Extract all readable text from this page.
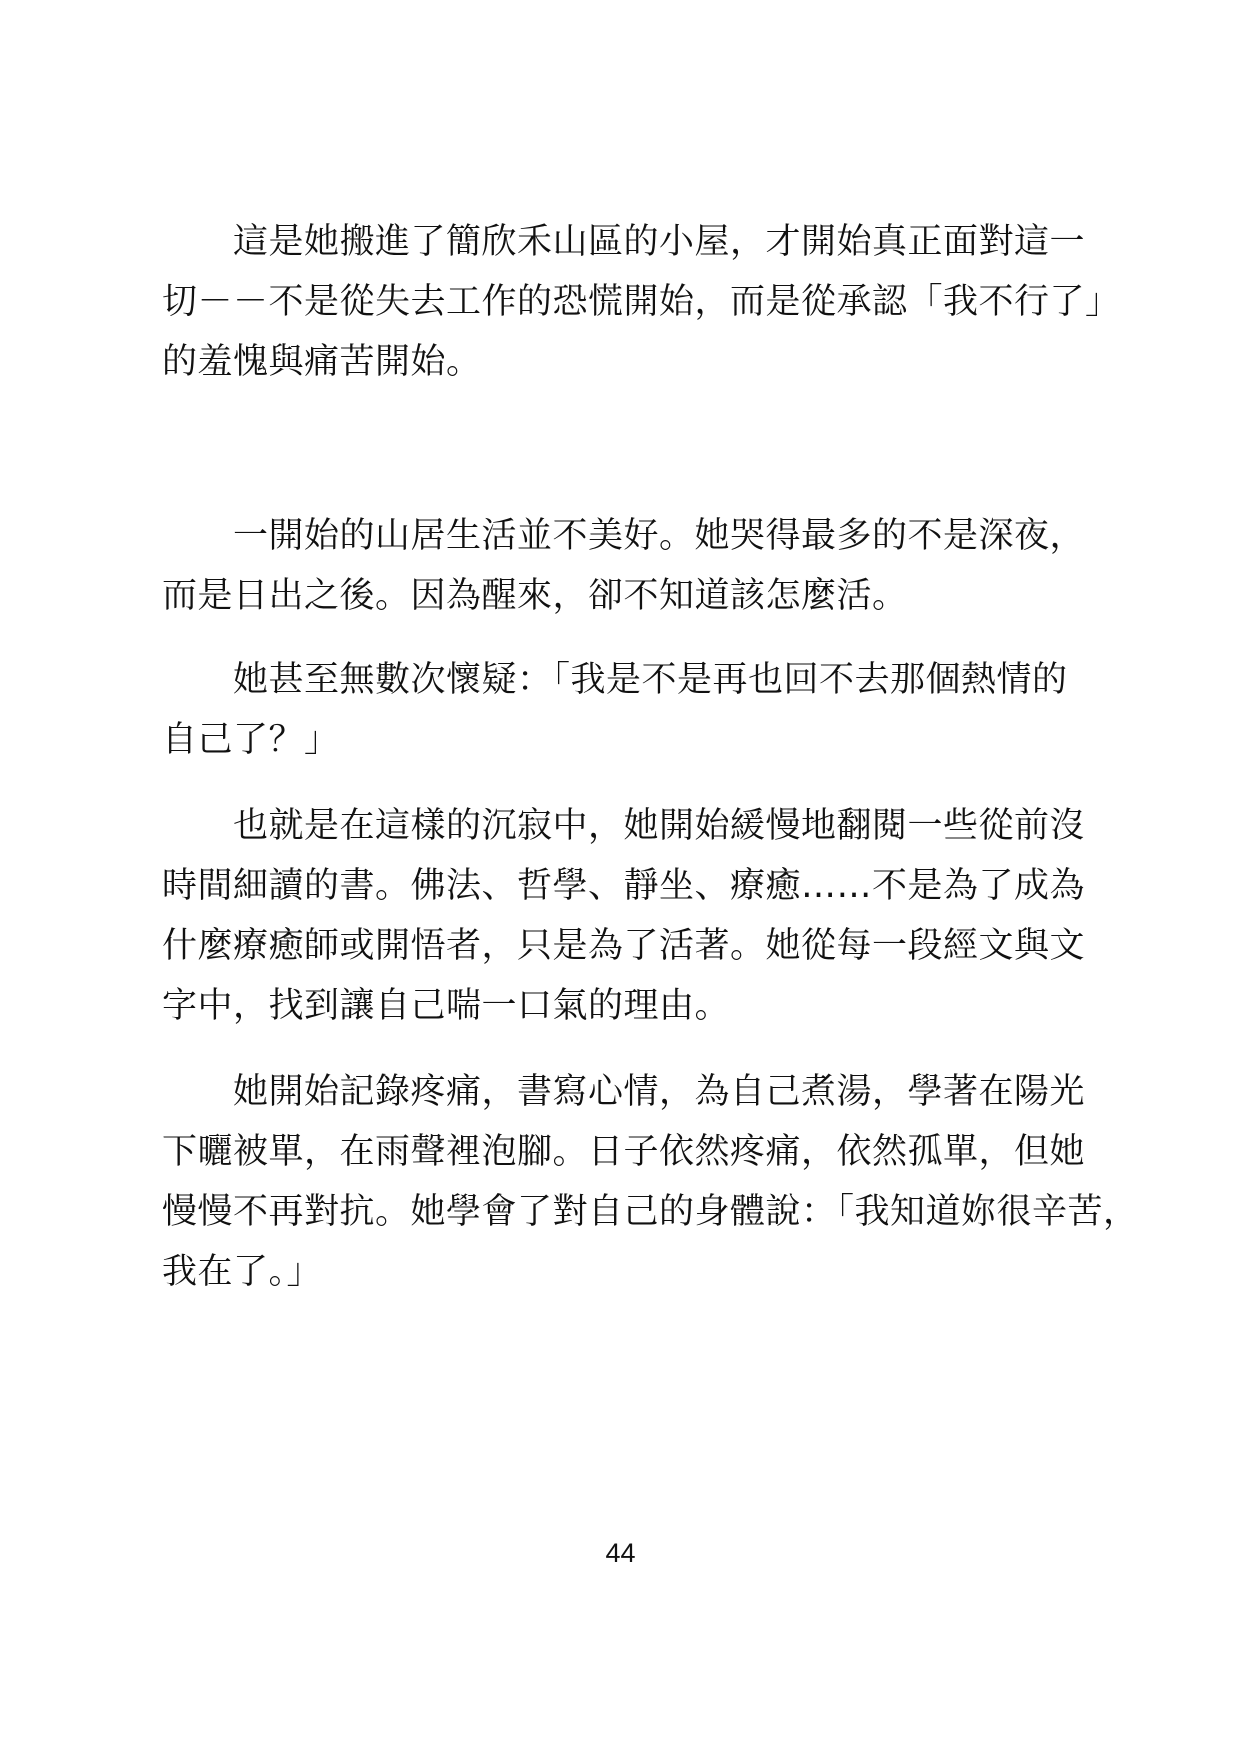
　　這是她搬進了簡欣禾山區的小屋，才開始真正面對這一
切－－不是從失去工作的恐慌開始，而是從承認「我不行了」
的羞愧與痛苦開始。
　　一開始的山居生活並不美好。她哭得最多的不是深夜，
而是日出之後。因為醒來，卻不知道該怎麼活。
　　她甚至無數次懷疑：「我是不是再也回不去那個熱情的
自己了？」
　　也就是在這樣的沉寂中，她開始緩慢地翻閱一些從前沒
時間細讀的書。佛法、哲學、靜坐、療癒……不是為了成為
什麼療癒師或開悟者，只是為了活著。她從每一段經文與文
字中，找到讓自己喘一口氣的理由。
　　她開始記錄疼痛，書寫心情，為自己煮湯，學著在陽光
下曬被單，在雨聲裡泡腳。日子依然疼痛，依然孤單，但她
慢慢不再對抗。她學會了對自己的身體說：「我知道妳很辛苦，
我在了。」
44
